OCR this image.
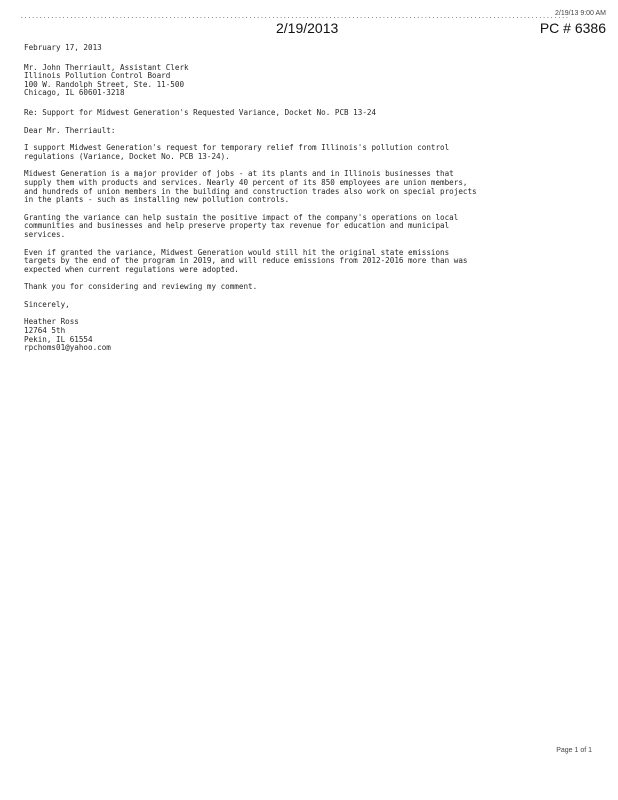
................................................................................................................................................
2/19/13 9:00 AM
2/19/2013	PC # 6386
February 17, 2013
Mr. John Therriault, Assistant Clerk
Illinois Pollution Control Board
100 W. Randolph Street, Ste. 11-500
Chicago, IL 60601-3218
Re: Support for Midwest Generation's Requested Variance, Docket No. PCB 13-24
Dear Mr. Therriault:
I support Midwest Generation's request for temporary relief from Illinois's pollution control
regulations (Variance, Docket No. PCB 13-24).
Midwest Generation is a major provider of jobs - at its plants and in Illinois businesses that
supply them with products and services. Nearly 40 percent of its 850 employees are union members,
and hundreds of union members in the building and construction trades also work on special projects
in the plants - such as installing new pollution controls.
Granting the variance can help sustain the positive impact of the company's operations on local
communities and businesses and help preserve property tax revenue for education and municipal
services.
Even if granted the variance, Midwest Generation would still hit the original state emissions
targets by the end of the program in 2019, and will reduce emissions from 2012-2016 more than was
expected when current regulations were adopted.
Thank you for considering and reviewing my comment.
Sincerely,
Heather Ross
12764 5th
Pekin, IL 61554
rpchoms01@yahoo.com
Page 1 of 1
